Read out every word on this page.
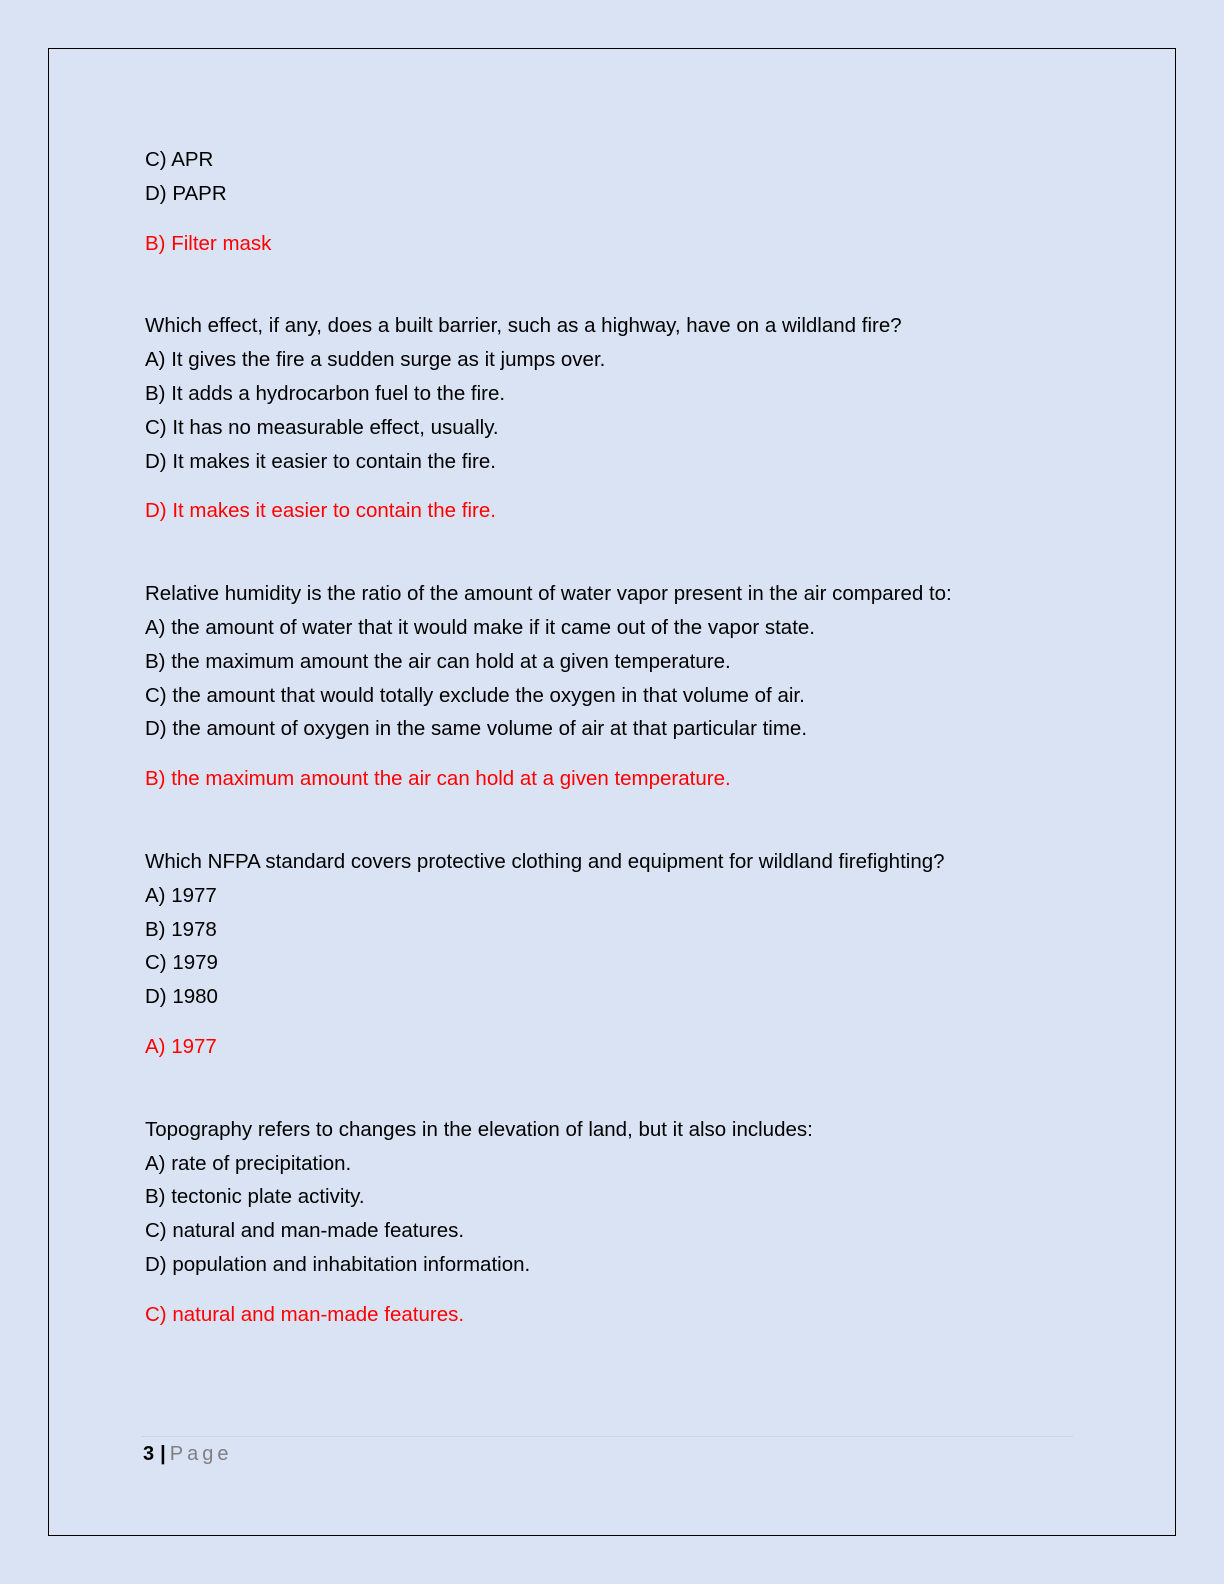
C) APR
D) PAPR
B) Filter mask
Which effect, if any, does a built barrier, such as a highway, have on a wildland fire?
A) It gives the fire a sudden surge as it jumps over.
B) It adds a hydrocarbon fuel to the fire.
C) It has no measurable effect, usually.
D) It makes it easier to contain the fire.
D) It makes it easier to contain the fire.
Relative humidity is the ratio of the amount of water vapor present in the air compared to:
A) the amount of water that it would make if it came out of the vapor state.
B) the maximum amount the air can hold at a given temperature.
C) the amount that would totally exclude the oxygen in that volume of air.
D) the amount of oxygen in the same volume of air at that particular time.
B) the maximum amount the air can hold at a given temperature.
Which NFPA standard covers protective clothing and equipment for wildland firefighting?
A) 1977
B) 1978
C) 1979
D) 1980
A) 1977
Topography refers to changes in the elevation of land, but it also includes:
A) rate of precipitation.
B) tectonic plate activity.
C) natural and man-made features.
D) population and inhabitation information.
C) natural and man-made features.
3 | Page
